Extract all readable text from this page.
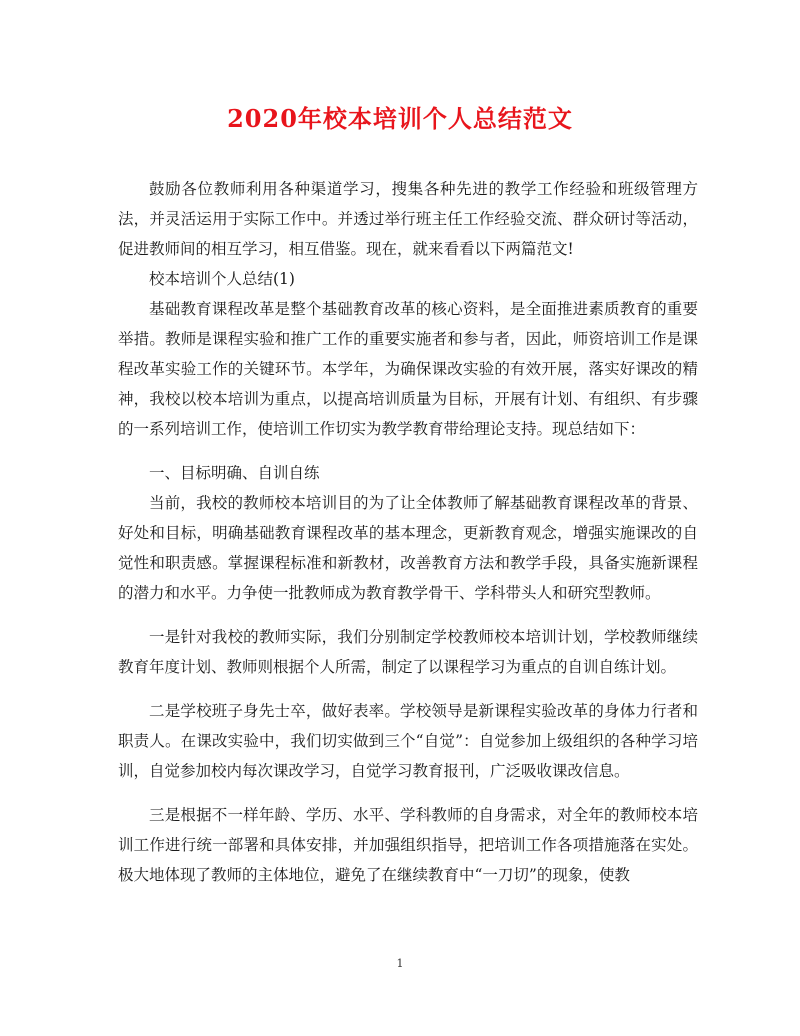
2020年校本培训个人总结范文

鼓励各位教师利用各种渠道学习，搜集各种先进的教学工作经验和班级管理方法，并灵活运用于实际工作中。并透过举行班主任工作经验交流、群众研讨等活动，促进教师间的相互学习，相互借鉴。现在，就来看看以下两篇范文!

校本培训个人总结(1)

基础教育课程改革是整个基础教育改革的核心资料，是全面推进素质教育的重要举措。教师是课程实验和推广工作的重要实施者和参与者，因此，师资培训工作是课程改革实验工作的关键环节。本学年，为确保课改实验的有效开展，落实好课改的精神，我校以校本培训为重点，以提高培训质量为目标，开展有计划、有组织、有步骤的一系列培训工作，使培训工作切实为教学教育带给理论支持。现总结如下：

一、目标明确、自训自练

当前，我校的教师校本培训目的为了让全体教师了解基础教育课程改革的背景、好处和目标，明确基础教育课程改革的基本理念，更新教育观念，增强实施课改的自觉性和职责感。掌握课程标准和新教材，改善教育方法和教学手段，具备实施新课程的潜力和水平。力争使一批教师成为教育教学骨干、学科带头人和研究型教师。

一是针对我校的教师实际，我们分别制定学校教师校本培训计划，学校教师继续教育年度计划、教师则根据个人所需，制定了以课程学习为重点的自训自练计划。

二是学校班子身先士卒，做好表率。学校领导是新课程实验改革的身体力行者和职责人。在课改实验中，我们切实做到三个“自觉”：自觉参加上级组织的各种学习培训，自觉参加校内每次课改学习，自觉学习教育报刊，广泛吸收课改信息。

三是根据不一样年龄、学历、水平、学科教师的自身需求，对全年的教师校本培训工作进行统一部署和具体安排，并加强组织指导，把培训工作各项措施落在实处。极大地体现了教师的主体地位，避免了在继续教育中“一刀切”的现象，使教

1
